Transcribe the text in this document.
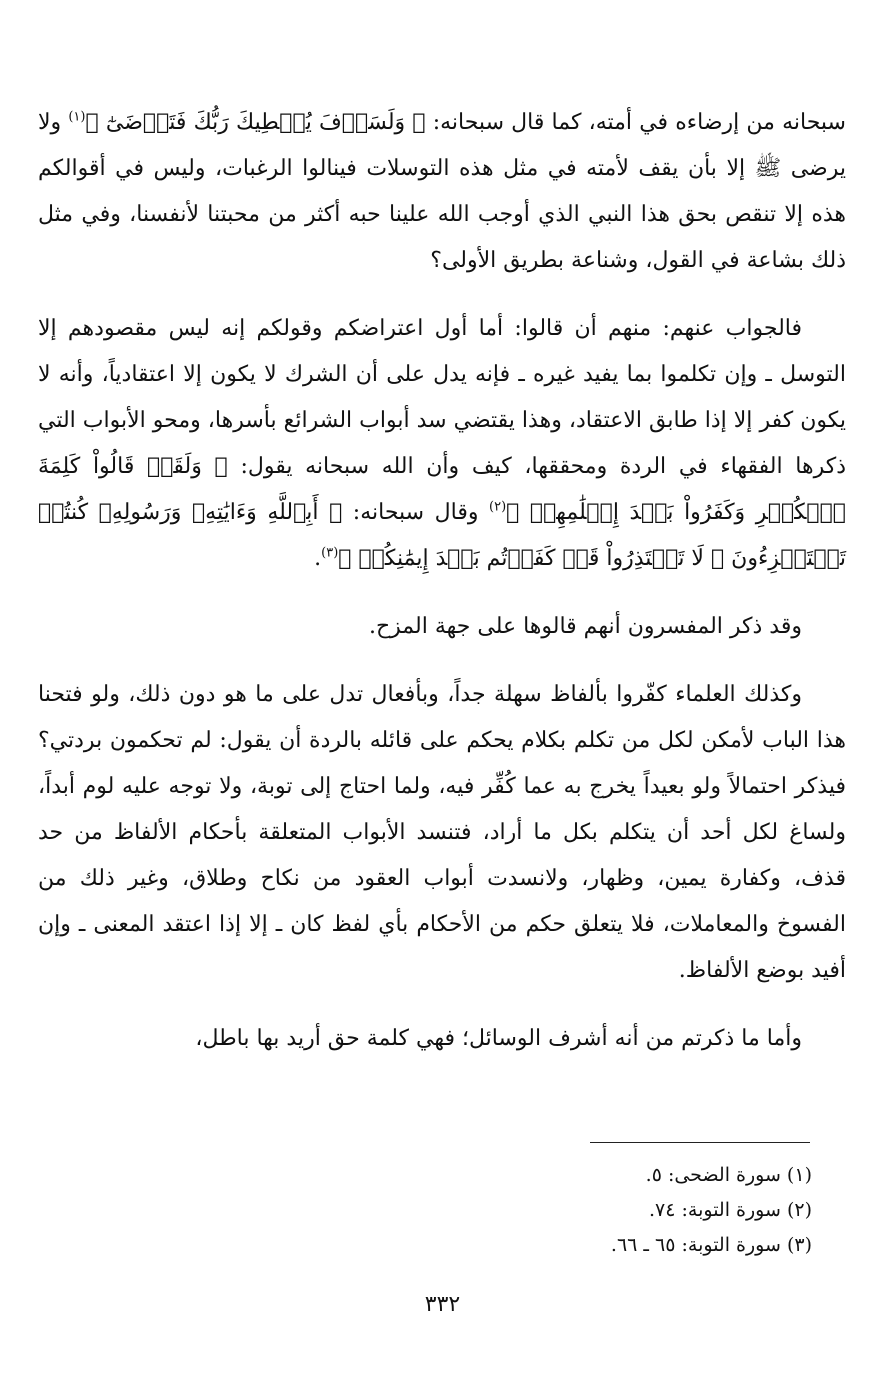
سبحانه من إرضاءه في أمته، كما قال سبحانه: ﴿ وَلَسَوۡفَ يُعۡطِيكَ رَبُّكَ فَتَرۡضَىٰٓ ﴾$^{(١)}$ ولا يرضى ﷺ إلا بأن يقف لأمته في مثل هذه التوسلات فينالوا الرغبات، وليس في أقوالكم هذه إلا تنقص بحق هذا النبي الذي أوجب الله علينا حبه أكثر من محبتنا لأنفسنا، وفي مثل ذلك بشاعة في القول، وشناعة بطريق الأولى؟

فالجواب عنهم: منهم أن قالوا: أما أول اعتراضكم وقولكم إنه ليس مقصودهم إلا التوسل ـ وإن تكلموا بما يفيد غيره ـ فإنه يدل على أن الشرك لا يكون إلا اعتقادياً، وأنه لا يكون كفر إلا إذا طابق الاعتقاد، وهذا يقتضي سد أبواب الشرائع بأسرها، ومحو الأبواب التي ذكرها الفقهاء في الردة ومحققها، كيف وأن الله سبحانه يقول: ﴿ وَلَقَدۡ قَالُواْ كَلِمَةَ ٱلۡكُفۡرِ وَكَفَرُواْ بَعۡدَ إِسۡلَٰمِهِمۡ ﴾$^{(٢)}$ وقال سبحانه: ﴿ أَبِٱللَّهِ وَءَايَٰتِهِۦ وَرَسُولِهِۦ كُنتُمۡ تَسۡتَهۡزِءُونَ ۞ لَا تَعۡتَذِرُواْ قَدۡ كَفَرۡتُم بَعۡدَ إِيمَٰنِكُمۡ ﴾$^{(٣)}$.

وقد ذكر المفسرون أنهم قالوها على جهة المزح.

وكذلك العلماء كفّروا بألفاظ سهلة جداً، وبأفعال تدل على ما هو دون ذلك، ولو فتحنا هذا الباب لأمكن لكل من تكلم بكلام يحكم على قائله بالردة أن يقول: لم تحكمون بردتي؟ فيذكر احتمالاً ولو بعيداً يخرج به عما كُفِّر فيه، ولما احتاج إلى توبة، ولا توجه عليه لوم أبداً، ولساغ لكل أحد أن يتكلم بكل ما أراد، فتنسد الأبواب المتعلقة بأحكام الألفاظ من حد قذف، وكفارة يمين، وظهار، ولانسدت أبواب العقود من نكاح وطلاق، وغير ذلك من الفسوخ والمعاملات، فلا يتعلق حكم من الأحكام بأي لفظ كان ـ إلا إذا اعتقد المعنى ـ وإن أفيد بوضع الألفاظ.

وأما ما ذكرتم من أنه أشرف الوسائل؛ فهي كلمة حق أريد بها باطل،

(١) سورة الضحى: ٥.

(٢) سورة التوبة: ٧٤.

(٣) سورة التوبة: ٦٥ ـ ٦٦.

٣٣٢
